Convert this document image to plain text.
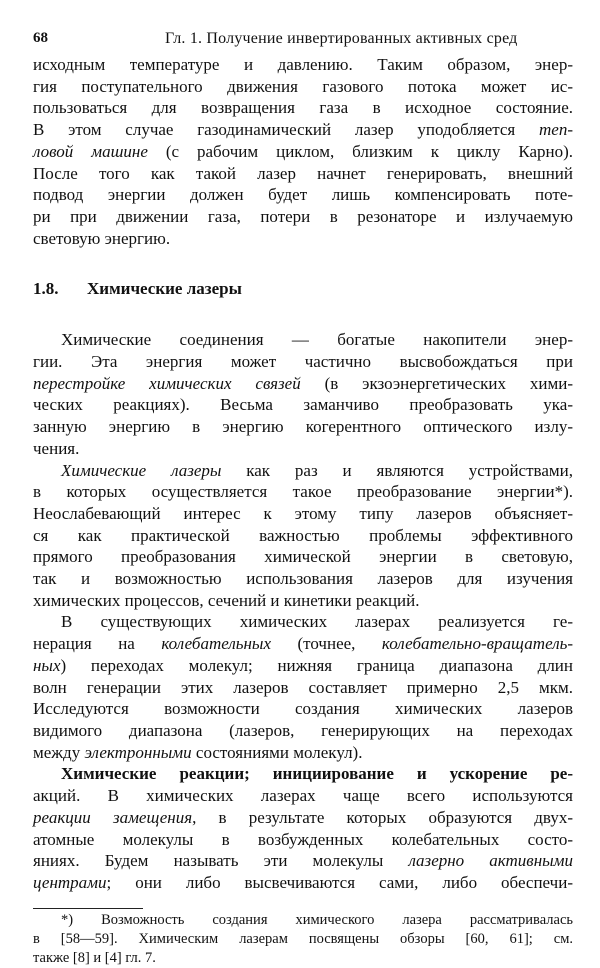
68	Гл. 1. Получение инвертированных активных сред
исходным температуре и давлению. Таким образом, энер-
гия поступательного движения газового потока может ис-
пользоваться для возвращения газа в исходное состояние.
В этом случае газодинамический лазер уподобляется теп-
ловой машине (с рабочим циклом, близким к циклу Карно).
После того как такой лазер начнет генерировать, внешний
подвод энергии должен будет лишь компенсировать поте-
ри при движении газа, потери в резонаторе и излучаемую
световую энергию.
1.8. Химические лазеры
Химические соединения — богатые накопители энер-
гии. Эта энергия может частично высвобождаться при
перестройке химических связей (в экзоэнергетических хими-
ческих реакциях). Весьма заманчиво преобразовать ука-
занную энергию в энергию когерентного оптического излу-
чения.
Химические лазеры как раз и являются устройствами,
в которых осуществляется такое преобразование энергии*).
Неослабевающий интерес к этому типу лазеров объясняет-
ся как практической важностью проблемы эффективного
прямого преобразования химической энергии в световую,
так и возможностью использования лазеров для изучения
химических процессов, сечений и кинетики реакций.
В существующих химических лазерах реализуется ге-
нерация на колебательных (точнее, колебательно-вращатель-
ных) переходах молекул; нижняя граница диапазона длин
волн генерации этих лазеров составляет примерно 2,5 мкм.
Исследуются возможности создания химических лазеров
видимого диапазона (лазеров, генерирующих на переходах
между электронными состояниями молекул).
Химические реакции; инициирование и ускорение ре-
акций. В химических лазерах чаще всего используются
реакции замещения, в результате которых образуются двух-
атомные молекулы в возбужденных колебательных состо-
яниях. Будем называть эти молекулы лазерно активными
центрами; они либо высвечиваются сами, либо обеспечи-
*) Возможность создания химического лазера рассматривалась
в [58—59]. Химическим лазерам посвящены обзоры [60, 61]; см.
также [8] и [4] гл. 7.
